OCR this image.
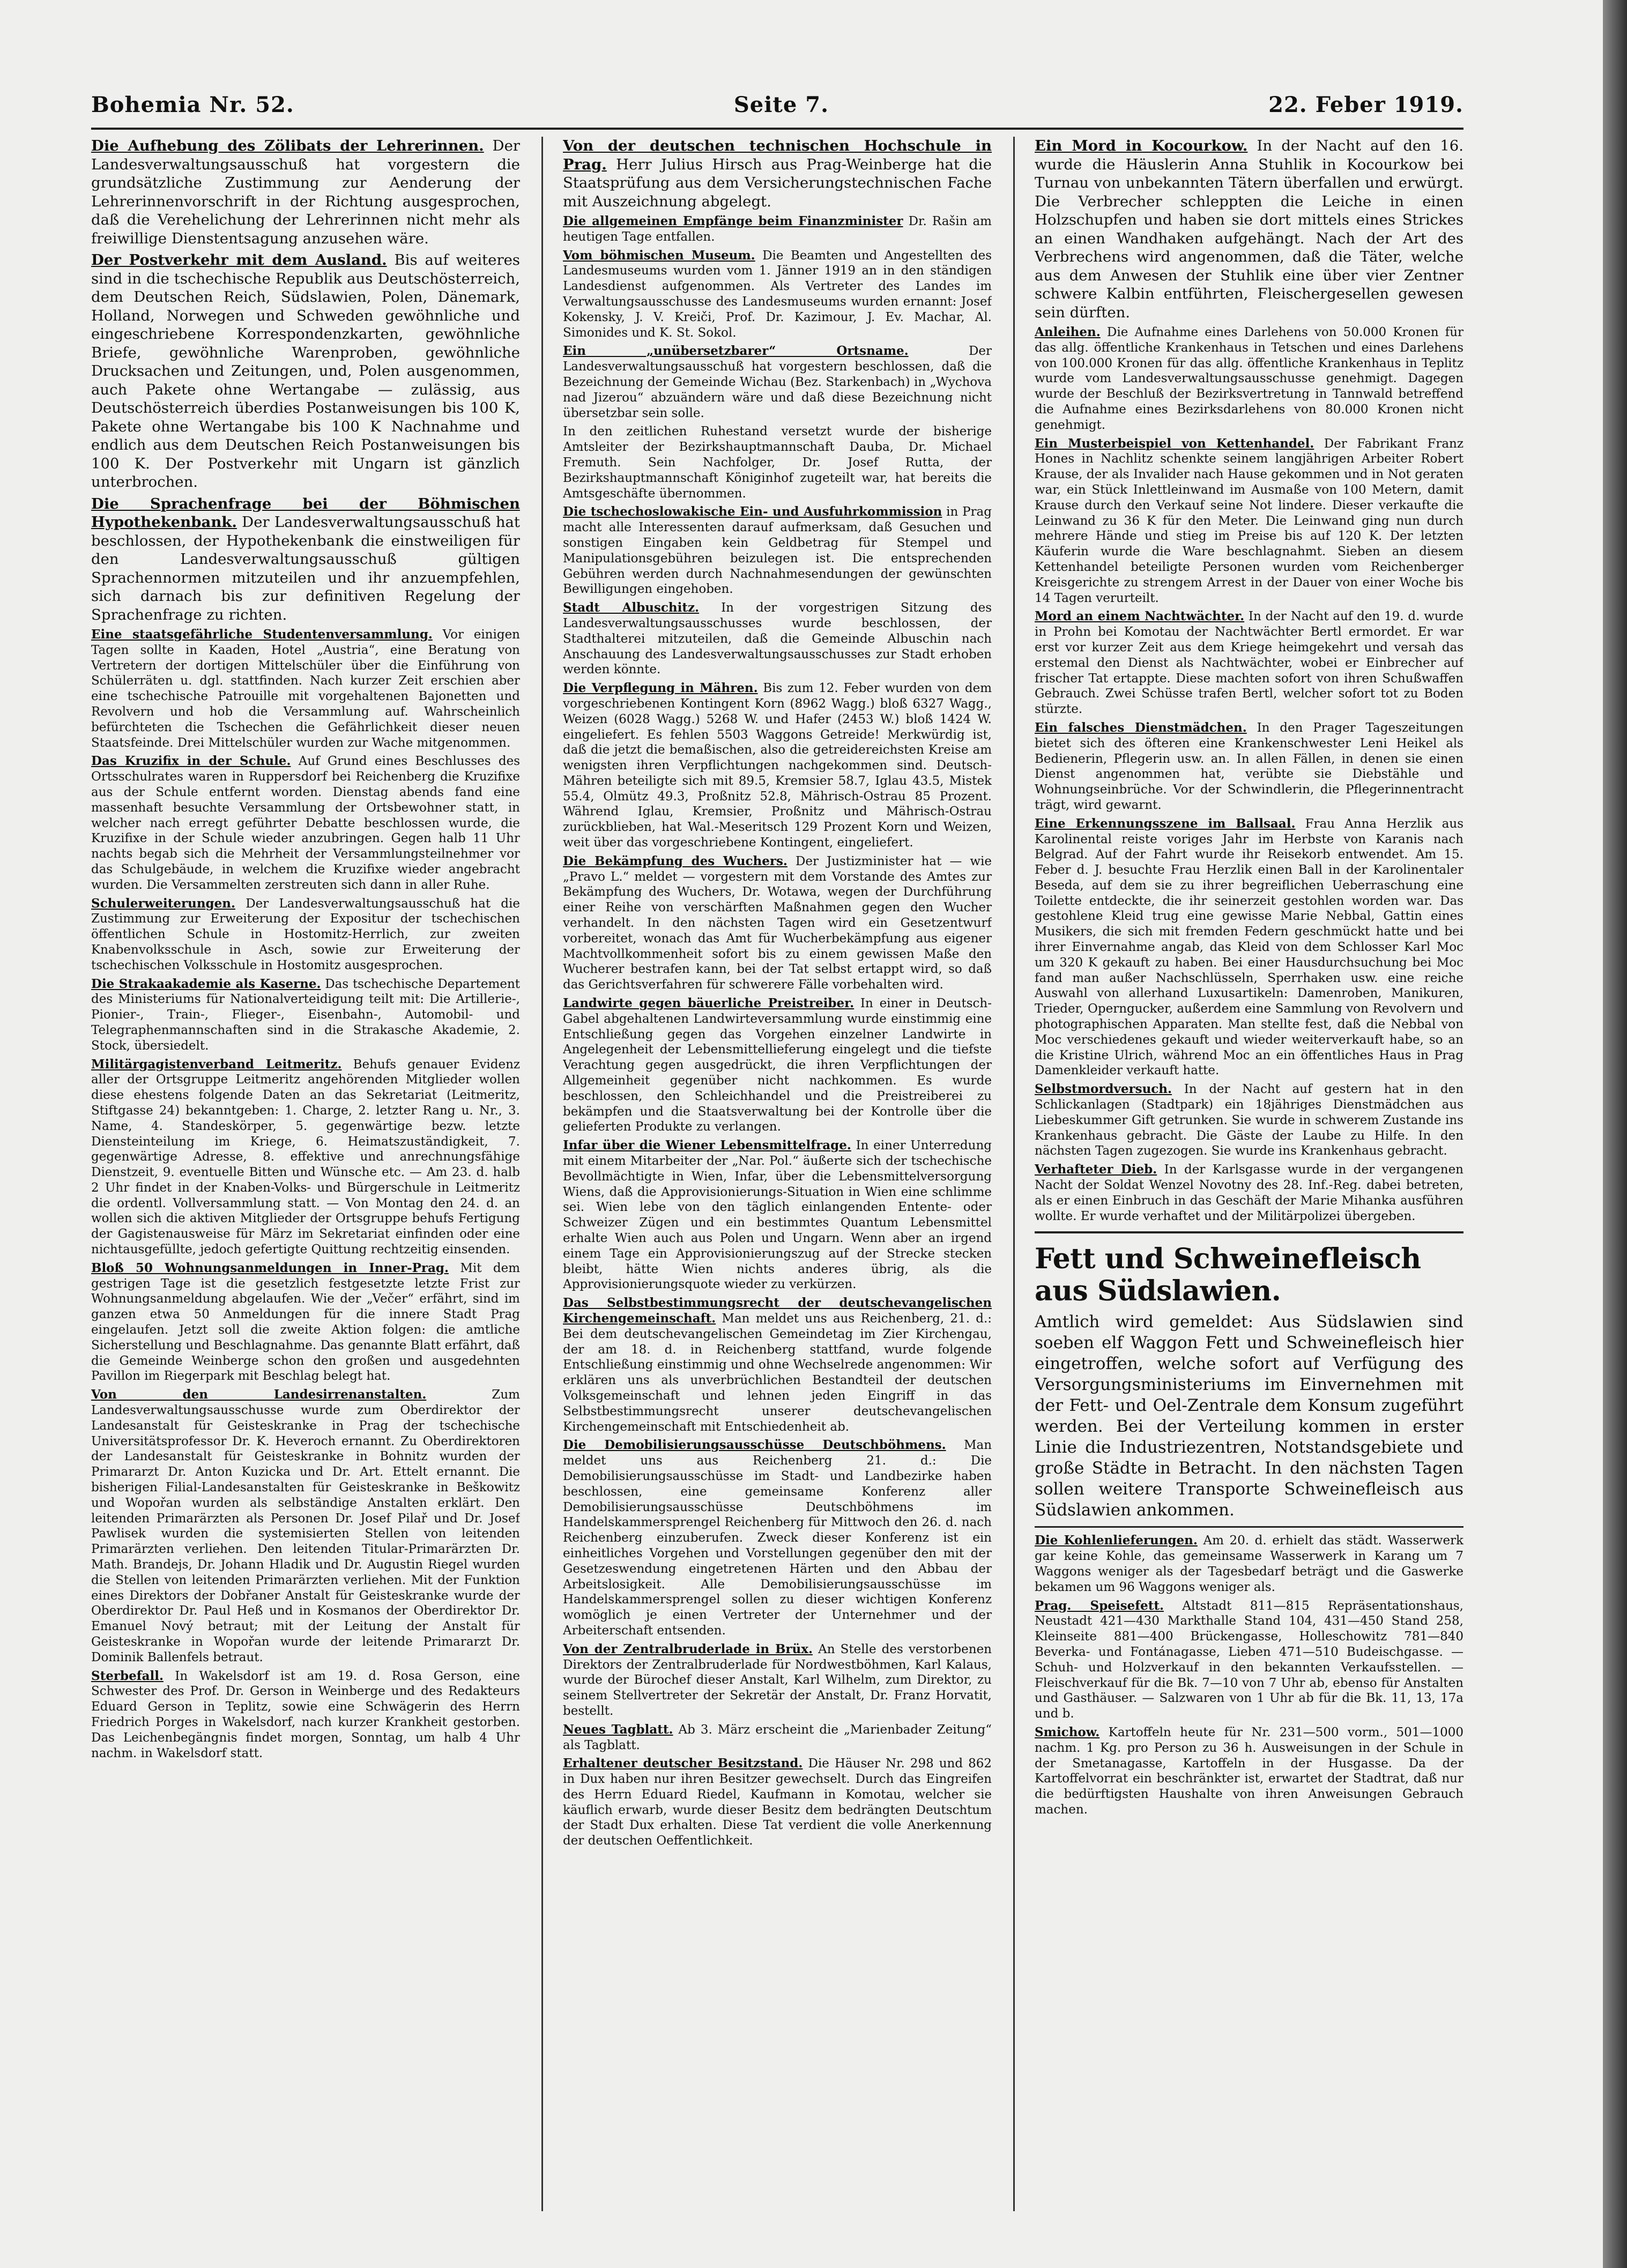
Bohemia Nr. 52.	Seite 7.	22. Feber 1919.

Die Aufhebung des Zölibats der Lehrerinnen. Der Landesverwaltungsausschuß hat vorgestern die grundsätzliche Zustimmung zur Aenderung der Lehrerinnenvorschrift in der Richtung ausgesprochen, daß die Verehelichung der Lehrerinnen nicht mehr als freiwillige Dienstentsagung anzusehen wäre.

Der Postverkehr mit dem Ausland. Bis auf weiteres sind in die tschechische Republik aus Deutschösterreich, dem Deutschen Reich, Südslawien, Polen, Dänemark, Holland, Norwegen und Schweden gewöhnliche und eingeschriebene Korrespondenzkarten, gewöhnliche Briefe, gewöhnliche Warenproben, gewöhnliche Drucksachen und Zeitungen, und, Polen ausgenommen, auch Pakete ohne Wertangabe — zulässig, aus Deutschösterreich überdies Postanweisungen bis 100 K, Pakete ohne Wertangabe bis 100 K Nachnahme und endlich aus dem Deutschen Reich Postanweisungen bis 100 K. Der Postverkehr mit Ungarn ist gänzlich unterbrochen.

Die Sprachenfrage bei der Böhmischen Hypothekenbank. Der Landesverwaltungsausschuß hat beschlossen, der Hypothekenbank die einstweiligen für den Landesverwaltungsausschuß gültigen Sprachennormen mitzuteilen und ihr anzuempfehlen, sich darnach bis zur definitiven Regelung der Sprachenfrage zu richten.

Eine staatsgefährliche Studentenversammlung. Vor einigen Tagen sollte in Kaaden, Hotel „Austria“, eine Beratung von Vertretern der dortigen Mittelschüler über die Einführung von Schülerräten u. dgl. stattfinden. Nach kurzer Zeit erschien aber eine tschechische Patrouille mit vorgehaltenen Bajonetten und Revolvern und hob die Versammlung auf. Wahrscheinlich befürchteten die Tschechen die Gefährlichkeit dieser neuen Staatsfeinde. Drei Mittelschüler wurden zur Wache mitgenommen.

Das Kruzifix in der Schule. Auf Grund eines Beschlusses des Ortsschulrates waren in Ruppersdorf bei Reichenberg die Kruzifixe aus der Schule entfernt worden. Dienstag abends fand eine massenhaft besuchte Versammlung der Ortsbewohner statt, in welcher nach erregt geführter Debatte beschlossen wurde, die Kruzifixe in der Schule wieder anzubringen. Gegen halb 11 Uhr nachts begab sich die Mehrheit der Versammlungsteilnehmer vor das Schulgebäude, in welchem die Kruzifixe wieder angebracht wurden. Die Versammelten zerstreuten sich dann in aller Ruhe.

Schulerweiterungen. Der Landesverwaltungsausschuß hat die Zustimmung zur Erweiterung der Expositur der tschechischen öffentlichen Schule in Hostomitz-Herrlich, zur zweiten Knabenvolksschule in Asch, sowie zur Erweiterung der tschechischen Volksschule in Hostomitz ausgesprochen.

Die Strakaakademie als Kaserne. Das tschechische Departement des Ministeriums für Nationalverteidigung teilt mit: Die Artillerie-, Pionier-, Train-, Flieger-, Eisenbahn-, Automobil- und Telegraphenmannschaften sind in die Strakasche Akademie, 2. Stock, übersiedelt.

Militärgagistenverband Leitmeritz. Behufs genauer Evidenz aller der Ortsgruppe Leitmeritz angehörenden Mitglieder wollen diese ehestens folgende Daten an das Sekretariat (Leitmeritz, Stiftgasse 24) bekanntgeben: 1. Charge, 2. letzter Rang u. Nr., 3. Name, 4. Standeskörper, 5. gegenwärtige bezw. letzte Diensteinteilung im Kriege, 6. Heimatszuständigkeit, 7. gegenwärtige Adresse, 8. effektive und anrechnungsfähige Dienstzeit, 9. eventuelle Bitten und Wünsche etc. — Am 23. d. halb 2 Uhr findet in der Knaben-Volks- und Bürgerschule in Leitmeritz die ordentl. Vollversammlung statt. — Von Montag den 24. d. an wollen sich die aktiven Mitglieder der Ortsgruppe behufs Fertigung der Gagistenausweise für März im Sekretariat einfinden oder eine nichtausgefüllte, jedoch gefertigte Quittung rechtzeitig einsenden.

Bloß 50 Wohnungsanmeldungen in Inner-Prag. Mit dem gestrigen Tage ist die gesetzlich festgesetzte letzte Frist zur Wohnungsanmeldung abgelaufen. Wie der „Večer“ erfährt, sind im ganzen etwa 50 Anmeldungen für die innere Stadt Prag eingelaufen. Jetzt soll die zweite Aktion folgen: die amtliche Sicherstellung und Beschlagnahme. Das genannte Blatt erfährt, daß die Gemeinde Weinberge schon den großen und ausgedehnten Pavillon im Riegerpark mit Beschlag belegt hat.

Von den Landesirrenanstalten.	Zum Landesverwaltungsausschusse wurde zum Oberdirektor der Landesanstalt für Geisteskranke in Prag der tschechische Universitätsprofessor Dr. K. Heveroch ernannt. Zu Oberdirektoren der Landesanstalt für Geisteskranke in Bohnitz wurden der Primararzt Dr. Anton Kuzicka und Dr. Art. Ettelt ernannt. Die bisherigen Filial-Landesanstalten für Geisteskranke in Beškowitz und Wopořan wurden als selbständige Anstalten erklärt. Den leitenden Primarärzten als Personen Dr. Josef Pilař und Dr. Josef Pawlisek wurden die systemisierten Stellen von leitenden Primarärzten verliehen. Den leitenden Titular-Primarärzten Dr. Math. Brandejs, Dr. Johann Hladik und Dr. Augustin Riegel wurden die Stellen von leitenden Primarärzten verliehen. Mit der Funktion eines Direktors der Dobřaner Anstalt für Geisteskranke wurde der Oberdirektor Dr. Paul Heß und in Kosmanos der Oberdirektor Dr. Emanuel Nový betraut; mit der Leitung der Anstalt für Geisteskranke in Wopořan wurde der leitende Primararzt Dr. Dominik Ballenfels betraut.

Sterbefall. In Wakelsdorf ist am 19. d. Rosa Gerson, eine Schwester des Prof. Dr. Gerson in Weinberge und des Redakteurs Eduard Gerson in Teplitz, sowie eine Schwägerin des Herrn Friedrich Porges in Wakelsdorf, nach kurzer Krankheit gestorben. Das Leichenbegängnis findet morgen, Sonntag, um halb 4 Uhr nachm. in Wakelsdorf statt.

Von der deutschen technischen Hochschule in Prag. Herr Julius Hirsch aus Prag-Weinberge hat die Staatsprüfung aus dem Versicherungstechnischen Fache mit Auszeichnung abgelegt.

Die allgemeinen Empfänge beim Finanzminister Dr. Rašin am heutigen Tage entfallen.

Vom böhmischen Museum. Die Beamten und Angestellten des Landesmuseums wurden vom 1. Jänner 1919 an in den ständigen Landesdienst aufgenommen. Als Vertreter des Landes im Verwaltungsausschusse des Landesmuseums wurden ernannt: Josef Kokensky, J. V. Kreiči, Prof. Dr. Kazimour, J. Ev. Machar, Al. Simonides und K. St. Sokol.

Ein „unübersetzbarer“ Ortsname.	Der Landesverwaltungsausschuß hat vorgestern beschlossen, daß die Bezeichnung der Gemeinde Wichau (Bez. Starkenbach) in „Wychova nad Jizerou“ abzuändern wäre und daß diese Bezeichnung nicht übersetzbar sein solle.

In den zeitlichen Ruhestand versetzt wurde der bisherige Amtsleiter der Bezirkshauptmannschaft Dauba, Dr. Michael Fremuth. Sein Nachfolger, Dr. Josef Rutta, der Bezirkshauptmannschaft Königinhof zugeteilt war, hat bereits die Amtsgeschäfte übernommen.

Die tschechoslowakische Ein- und Ausfuhrkommission in Prag macht alle Interessenten darauf aufmerksam, daß Gesuchen und sonstigen Eingaben kein Geldbetrag für Stempel und Manipulationsgebühren beizulegen ist. Die entsprechenden Gebühren werden durch Nachnahmesendungen der gewünschten Bewilligungen eingehoben.

Stadt Albuschitz. In der vorgestrigen Sitzung des Landesverwaltungsausschusses wurde beschlossen, der Stadthalterei mitzuteilen, daß die Gemeinde Albuschin nach Anschauung des Landesverwaltungsausschusses zur Stadt erhoben werden könnte.

Die Verpflegung in Mähren. Bis zum 12. Feber wurden von dem vorgeschriebenen Kontingent Korn (8962 Wagg.) bloß 6327 Wagg., Weizen (6028 Wagg.) 5268 W. und Hafer (2453 W.) bloß 1424 W. eingeliefert. Es fehlen 5503 Waggons Getreide! Merkwürdig ist, daß die jetzt die bemaßischen, also die getreidereichsten Kreise am wenigsten ihren Verpflichtungen nachgekommen sind. Deutsch-Mähren beteiligte sich mit 89.5, Kremsier 58.7, Iglau 43.5, Mistek 55.4, Olmütz 49.3, Proßnitz 52.8, Mährisch-Ostrau 85 Prozent. Während Iglau, Kremsier, Proßnitz und Mährisch-Ostrau zurückblieben, hat Wal.-Meseritsch 129 Prozent Korn und Weizen, weit über das vorgeschriebene Kontingent, eingeliefert.

Die Bekämpfung des Wuchers. Der Justizminister hat — wie „Pravo L.“ meldet — vorgestern mit dem Vorstande des Amtes zur Bekämpfung des Wuchers, Dr. Wotawa, wegen der Durchführung einer Reihe von verschärften Maßnahmen gegen den Wucher verhandelt. In den nächsten Tagen wird ein Gesetzentwurf vorbereitet, wonach das Amt für Wucherbekämpfung aus eigener Machtvollkommenheit sofort bis zu einem gewissen Maße den Wucherer bestrafen kann, bei der Tat selbst ertappt wird, so daß das Gerichtsverfahren für schwerere Fälle vorbehalten wird.

Landwirte gegen bäuerliche Preistreiber. In einer in Deutsch-Gabel abgehaltenen Landwirteversammlung wurde einstimmig eine Entschließung gegen das Vorgehen einzelner Landwirte in Angelegenheit der Lebensmittellieferung eingelegt und die tiefste Verachtung gegen ausgedrückt, die ihren Verpflichtungen der Allgemeinheit gegenüber nicht nachkommen. Es wurde beschlossen, den Schleichhandel und die Preistreiberei zu bekämpfen und die Staatsverwaltung bei der Kontrolle über die gelieferten Produkte zu verlangen.

Infar über die Wiener Lebensmittelfrage. In einer Unterredung mit einem Mitarbeiter der „Nar. Pol.“ äußerte sich der tschechische Bevollmächtigte in Wien, Infar, über die Lebensmittelversorgung Wiens, daß die Approvisionierungs-Situation in Wien eine schlimme sei. Wien lebe von den täglich einlangenden Entente- oder Schweizer Zügen und ein bestimmtes Quantum Lebensmittel erhalte Wien auch aus Polen und Ungarn. Wenn aber an irgend einem Tage ein Approvisionierungszug auf der Strecke stecken bleibt, hätte Wien nichts anderes übrig, als die Approvisionierungsquote wieder zu verkürzen.

Das Selbstbestimmungsrecht der deutschevangelischen Kirchengemeinschaft. Man meldet uns aus Reichenberg, 21. d.: Bei dem deutschevangelischen Gemeindetag im Zier Kirchengau, der am 18. d. in Reichenberg stattfand, wurde folgende Entschließung einstimmig und ohne Wechselrede angenommen: Wir erklären uns als unverbrüchlichen Bestandteil der deutschen Volksgemeinschaft und lehnen jeden Eingriff in das Selbstbestimmungsrecht unserer deutschevangelischen Kirchengemeinschaft mit Entschiedenheit ab.

Die Demobilisierungsausschüsse Deutschböhmens. Man meldet uns aus Reichenberg 21. d.: Die Demobilisierungsausschüsse im Stadt- und Landbezirke haben beschlossen, eine gemeinsame Konferenz aller Demobilisierungsausschüsse Deutschböhmens im Handelskammersprengel Reichenberg für Mittwoch den 26. d. nach Reichenberg einzuberufen. Zweck dieser Konferenz ist ein einheitliches Vorgehen und Vorstellungen gegenüber den mit der Gesetzeswendung eingetretenen Härten und den Abbau der Arbeitslosigkeit. Alle Demobilisierungsausschüsse im Handelskammersprengel sollen zu dieser wichtigen Konferenz womöglich je einen Vertreter der Unternehmer und der Arbeiterschaft entsenden.

Von der Zentralbruderlade in Brüx. An Stelle des verstorbenen Direktors der Zentralbruderlade für Nordwestböhmen, Karl Kalaus, wurde der Bürochef dieser Anstalt, Karl Wilhelm, zum Direktor, zu seinem Stellvertreter der Sekretär der Anstalt, Dr. Franz Horvatit, bestellt.

Neues Tagblatt. Ab 3. März erscheint die „Marienbader Zeitung“ als Tagblatt.

Erhaltener deutscher Besitzstand. Die Häuser Nr. 298 und 862 in Dux haben nur ihren Besitzer gewechselt. Durch das Eingreifen des Herrn Eduard Riedel, Kaufmann in Komotau, welcher sie käuflich erwarb, wurde dieser Besitz dem bedrängten Deutschtum der Stadt Dux erhalten. Diese Tat verdient die volle Anerkennung der deutschen Oeffentlichkeit.

Ein Mord in Kocourkow. In der Nacht auf den 16. wurde die Häuslerin Anna Stuhlik in Kocourkow bei Turnau von unbekannten Tätern überfallen und erwürgt. Die Verbrecher schleppten die Leiche in einen Holzschupfen und haben sie dort mittels eines Strickes an einen Wandhaken aufgehängt. Nach der Art des Verbrechens wird angenommen, daß die Täter, welche aus dem Anwesen der Stuhlik eine über vier Zentner schwere Kalbin entführten, Fleischergesellen gewesen sein dürften.

Anleihen. Die Aufnahme eines Darlehens von 50.000 Kronen für das allg. öffentliche Krankenhaus in Tetschen und eines Darlehens von 100.000 Kronen für das allg. öffentliche Krankenhaus in Teplitz wurde vom Landesverwaltungsausschusse genehmigt. Dagegen wurde der Beschluß der Bezirksvertretung in Tannwald betreffend die Aufnahme eines Bezirksdarlehens von 80.000 Kronen nicht genehmigt.

Ein Musterbeispiel von Kettenhandel. Der Fabrikant Franz Hones in Nachlitz schenkte seinem langjährigen Arbeiter Robert Krause, der als Invalider nach Hause gekommen und in Not geraten war, ein Stück Inlettleinwand im Ausmaße von 100 Metern, damit Krause durch den Verkauf seine Not lindere. Dieser verkaufte die Leinwand zu 36 K für den Meter. Die Leinwand ging nun durch mehrere Hände und stieg im Preise bis auf 120 K. Der letzten Käuferin wurde die Ware beschlagnahmt. Sieben an diesem Kettenhandel beteiligte Personen wurden vom Reichenberger Kreisgerichte zu strengem Arrest in der Dauer von einer Woche bis 14 Tagen verurteilt.

Mord an einem Nachtwächter. In der Nacht auf den 19. d. wurde in Prohn bei Komotau der Nachtwächter Bertl ermordet. Er war erst vor kurzer Zeit aus dem Kriege heimgekehrt und versah das erstemal den Dienst als Nachtwächter, wobei er Einbrecher auf frischer Tat ertappte. Diese machten sofort von ihren Schußwaffen Gebrauch. Zwei Schüsse trafen Bertl, welcher sofort tot zu Boden stürzte.

Ein falsches Dienstmädchen. In den Prager Tageszeitungen bietet sich des öfteren eine Krankenschwester Leni Heikel als Bedienerin, Pflegerin usw. an. In allen Fällen, in denen sie einen Dienst angenommen hat, verübte sie Diebstähle und Wohnungseinbrüche. Vor der Schwindlerin, die Pflegerinnentracht trägt, wird gewarnt.

Eine Erkennungsszene im Ballsaal. Frau Anna Herzlik aus Karolinental reiste voriges Jahr im Herbste von Karanis nach Belgrad. Auf der Fahrt wurde ihr Reisekorb entwendet. Am 15. Feber d. J. besuchte Frau Herzlik einen Ball in der Karolinentaler Beseda, auf dem sie zu ihrer begreiflichen Ueberraschung eine Toilette entdeckte, die ihr seinerzeit gestohlen worden war. Das gestohlene Kleid trug eine gewisse Marie Nebbal, Gattin eines Musikers, die sich mit fremden Federn geschmückt hatte und bei ihrer Einvernahme angab, das Kleid von dem Schlosser Karl Moc um 320 K gekauft zu haben. Bei einer Hausdurchsuchung bei Moc fand man außer Nachschlüsseln, Sperrhaken usw. eine reiche Auswahl von allerhand Luxusartikeln: Damenroben, Manikuren, Trieder, Operngucker, außerdem eine Sammlung von Revolvern und photographischen Apparaten. Man stellte fest, daß die Nebbal von Moc verschiedenes gekauft und wieder weiterverkauft habe, so an die Kristine Ulrich, während Moc an ein öffentliches Haus in Prag Damenkleider verkauft hatte.

Selbstmordversuch. In der Nacht auf gestern hat in den Schlickanlagen (Stadtpark) ein 18jähriges Dienstmädchen aus Liebeskummer Gift getrunken. Sie wurde in schwerem Zustande ins Krankenhaus gebracht. Die Gäste der Laube zu Hilfe. In den nächsten Tagen zugezogen. Sie wurde ins Krankenhaus gebracht.

Verhafteter Dieb. In der Karlsgasse wurde in der vergangenen Nacht der Soldat Wenzel Novotny des 28. Inf.-Reg. dabei betreten, als er einen Einbruch in das Geschäft der Marie Mihanka ausführen wollte. Er wurde verhaftet und der Militärpolizei übergeben.

Fett und Schweinefleisch aus Südslawien.
Amtlich wird gemeldet: Aus Südslawien sind soeben elf Waggon Fett und Schweinefleisch hier eingetroffen, welche sofort auf Verfügung des Versorgungsministeriums im Einvernehmen mit der Fett- und Oel-Zentrale dem Konsum zugeführt werden. Bei der Verteilung kommen in erster Linie die Industriezentren, Notstandsgebiete und große Städte in Betracht. In den nächsten Tagen sollen weitere Transporte Schweinefleisch aus Südslawien ankommen.

Die Kohlenlieferungen. Am 20. d. erhielt das städt. Wasserwerk gar keine Kohle, das gemeinsame Wasserwerk in Karang um 7 Waggons weniger als der Tagesbedarf beträgt und die Gaswerke bekamen um 96 Waggons weniger als.

Prag. Speisefett. Altstadt 811—815 Repräsentationshaus, Neustadt 421—430 Markthalle Stand 104, 431—450 Stand 258, Kleinseite 881—400 Brückengasse, Holleschowitz 781—840 Beverka- und Fontánagasse, Lieben 471—510 Budeischgasse. — Schuh- und Holzverkauf in den bekannten Verkaufsstellen. — Fleischverkauf für die Bk. 7—10 von 7 Uhr ab, ebenso für Anstalten und Gasthäuser. — Salzwaren von 1 Uhr ab für die Bk. 11, 13, 17a und b.

Smichow. Kartoffeln heute für Nr. 231—500 vorm., 501—1000 nachm. 1 Kg. pro Person zu 36 h. Ausweisungen in der Schule in der Smetanagasse, Kartoffeln in der Husgasse. Da der Kartoffelvorrat ein beschränkter ist, erwartet der Stadtrat, daß nur die bedürftigsten Haushalte von ihren Anweisungen Gebrauch machen.
